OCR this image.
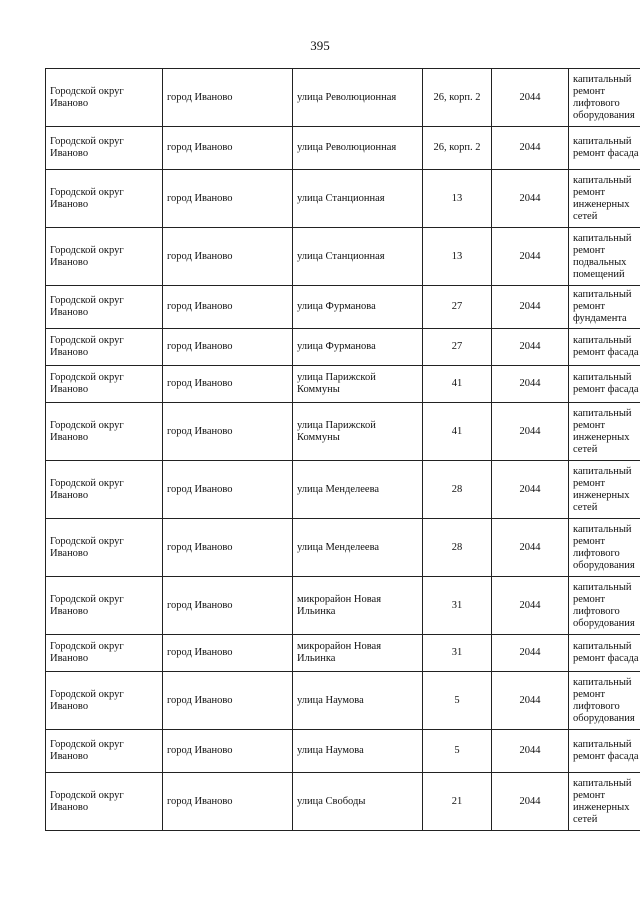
395
Городской округ Иваново	город Иваново	улица Революционная	26, корп. 2	2044	капитальный ремонт лифтового оборудования
Городской округ Иваново	город Иваново	улица Революционная	26, корп. 2	2044	капитальный ремонт фасада
Городской округ Иваново	город Иваново	улица Станционная	13	2044	капитальный ремонт инженерных сетей
Городской округ Иваново	город Иваново	улица Станционная	13	2044	капитальный ремонт подвальных помещений
Городской округ Иваново	город Иваново	улица Фурманова	27	2044	капитальный ремонт фундамента
Городской округ Иваново	город Иваново	улица Фурманова	27	2044	капитальный ремонт фасада
Городской округ Иваново	город Иваново	улица Парижской Коммуны	41	2044	капитальный ремонт фасада
Городской округ Иваново	город Иваново	улица Парижской Коммуны	41	2044	капитальный ремонт инженерных сетей
Городской округ Иваново	город Иваново	улица Менделеева	28	2044	капитальный ремонт инженерных сетей
Городской округ Иваново	город Иваново	улица Менделеева	28	2044	капитальный ремонт лифтового оборудования
Городской округ Иваново	город Иваново	микрорайон Новая Ильинка	31	2044	капитальный ремонт лифтового оборудования
Городской округ Иваново	город Иваново	микрорайон Новая Ильинка	31	2044	капитальный ремонт фасада
Городской округ Иваново	город Иваново	улица Наумова	5	2044	капитальный ремонт лифтового оборудования
Городской округ Иваново	город Иваново	улица Наумова	5	2044	капитальный ремонт фасада
Городской округ Иваново	город Иваново	улица Свободы	21	2044	капитальный ремонт инженерных сетей
